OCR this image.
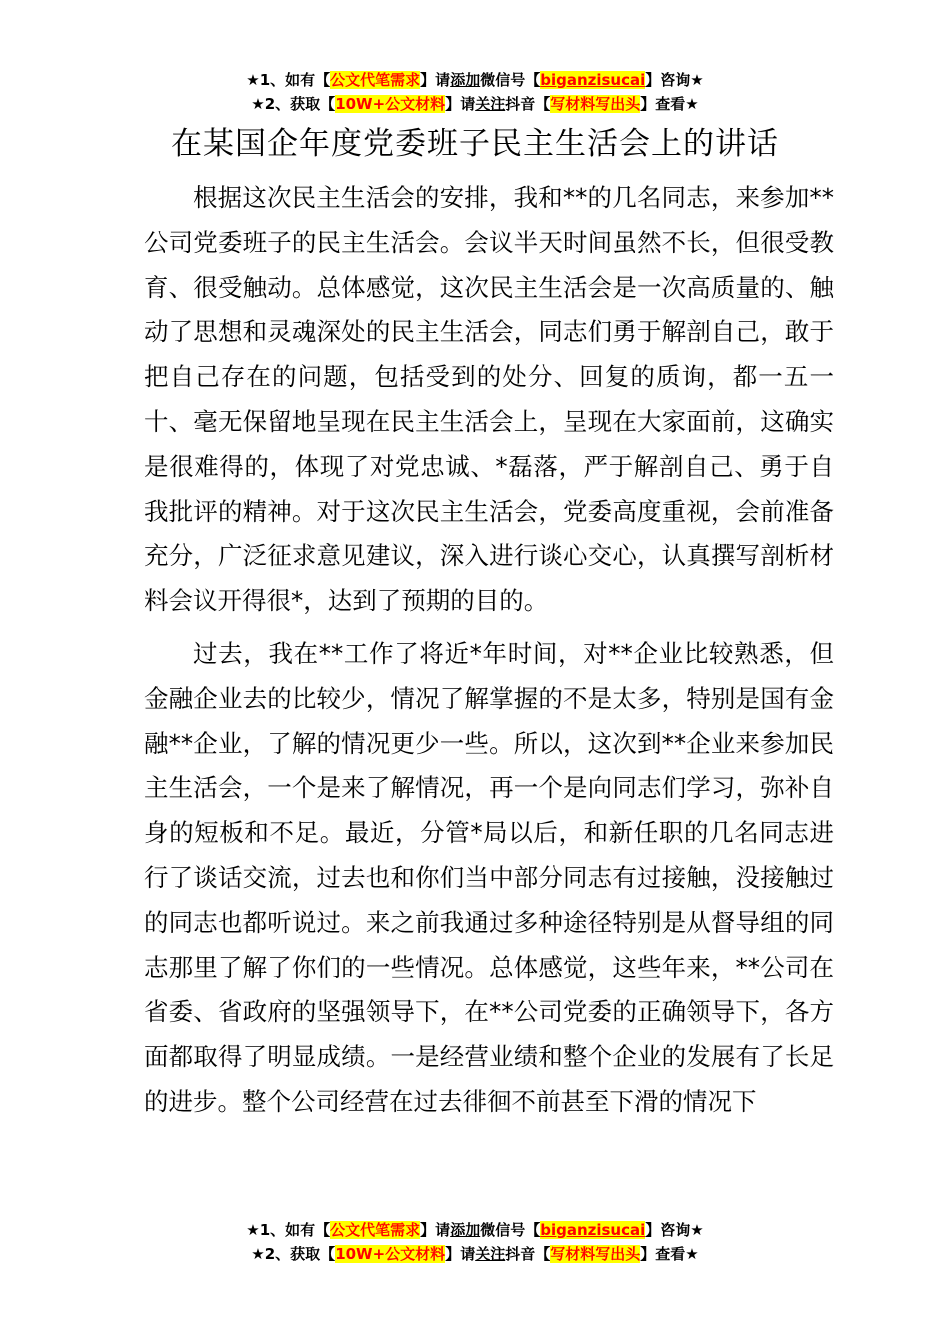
★1、如有【公文代笔需求】请添加微信号【biganzisucai】咨询★
★2、获取【10W+公文材料】请关注抖音【写材料写出头】查看★
在某国企年度党委班子民主生活会上的讲话

根据这次民主生活会的安排，我和**的几名同志，来参加**公司党委班子的民主生活会。会议半天时间虽然不长，但很受教育、很受触动。总体感觉，这次民主生活会是一次高质量的、触动了思想和灵魂深处的民主生活会，同志们勇于解剖自己，敢于把自己存在的问题，包括受到的处分、回复的质询，都一五一十、毫无保留地呈现在民主生活会上，呈现在大家面前，这确实是很难得的，体现了对党忠诚、*磊落，严于解剖自己、勇于自我批评的精神。对于这次民主生活会，党委高度重视，会前准备充分，广泛征求意见建议，深入进行谈心交心，认真撰写剖析材料会议开得很*，达到了预期的目的。

过去，我在**工作了将近*年时间，对**企业比较熟悉，但金融企业去的比较少，情况了解掌握的不是太多，特别是国有金融**企业，了解的情况更少一些。所以，这次到**企业来参加民主生活会，一个是来了解情况，再一个是向同志们学习，弥补自身的短板和不足。最近，分管*局以后，和新任职的几名同志进行了谈话交流，过去也和你们当中部分同志有过接触，没接触过的同志也都听说过。来之前我通过多种途径特别是从督导组的同志那里了解了你们的一些情况。总体感觉，这些年来，**公司在省委、省政府的坚强领导下，在**公司党委的正确领导下，各方面都取得了明显成绩。一是经营业绩和整个企业的发展有了长足的进步。整个公司经营在过去徘徊不前甚至下滑的情况下

★1、如有【公文代笔需求】请添加微信号【biganzisucai】咨询★
★2、获取【10W+公文材料】请关注抖音【写材料写出头】查看★
